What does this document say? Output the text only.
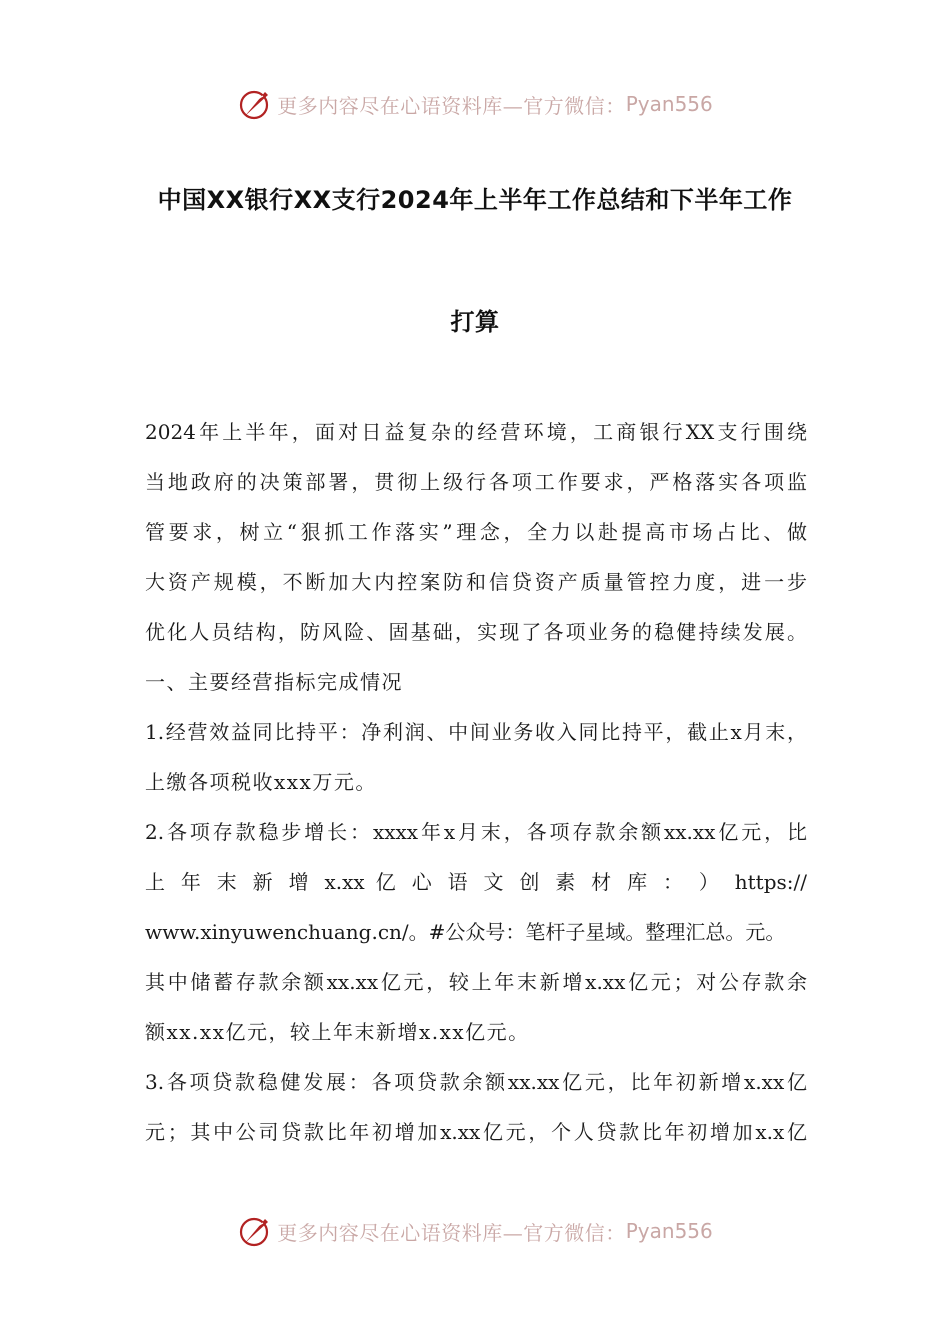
更多内容尽在心语资料库—官方微信： Pyan556
中国XX银行XX支行2024年上半年工作总结和下半年工作
打算
2024年上半年，面对日益复杂的经营环境，工商银行XX支行围绕
当地政府的决策部署，贯彻上级行各项工作要求，严格落实各项监
管要求，树立“狠抓工作落实”理念，全力以赴提高市场占比、做
大资产规模，不断加大内控案防和信贷资产质量管控力度，进一步
优化人员结构，防风险、固基础，实现了各项业务的稳健持续发展。
一、主要经营指标完成情况
1.经营效益同比持平：净利润、中间业务收入同比持平，截止x月末，
上缴各项税收xxx万元。
2.各项存款稳步增长：xxxx年x月末，各项存款余额xx.xx亿元，比
上 年 末 新 增 x.xx 亿 心 语 文 创 素 材 库 ： ） https://
www.xinyuwenchuang.cn/。#公众号：笔杆子星域。整理汇总。元。
其中储蓄存款余额xx.xx亿元，较上年末新增x.xx亿元；对公存款余
额xx.xx亿元，较上年末新增x.xx亿元。
3.各项贷款稳健发展：各项贷款余额xx.xx亿元，比年初新增x.xx亿
元；其中公司贷款比年初增加x.xx亿元，个人贷款比年初增加x.x亿
更多内容尽在心语资料库—官方微信： Pyan556
